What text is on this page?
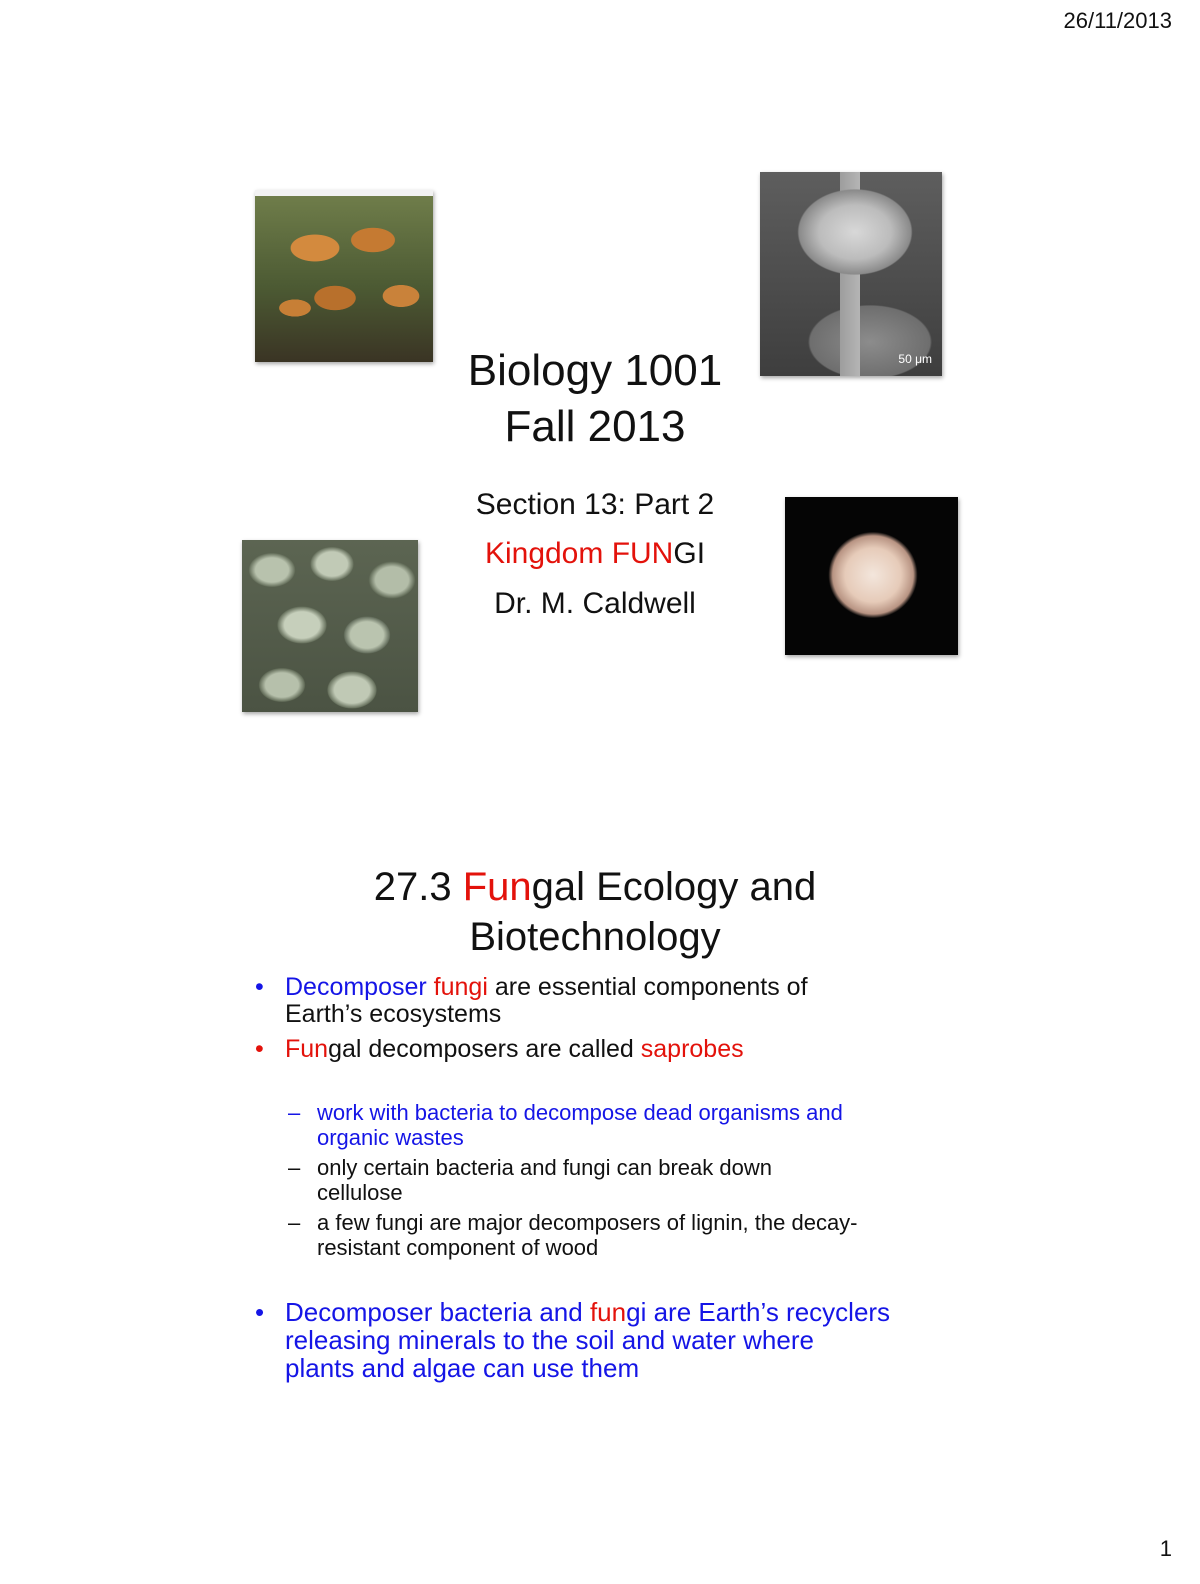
26/11/2013
50 μm
Biology 1001
Fall 2013
Section 13: Part 2
Kingdom FUNGI
Dr. M. Caldwell
27.3 Fungal Ecology and
Biotechnology
• Decomposer fungi are essential components of
Earth’s ecosystems
• Fungal decomposers are called saprobes
– work with bacteria to decompose dead organisms and
organic wastes
– only certain bacteria and fungi can break down
cellulose
– a few fungi are major decomposers of lignin, the decay-
resistant component of wood
• Decomposer bacteria and fungi are Earth’s recyclers
releasing minerals to the soil and water where
plants and algae can use them
1
